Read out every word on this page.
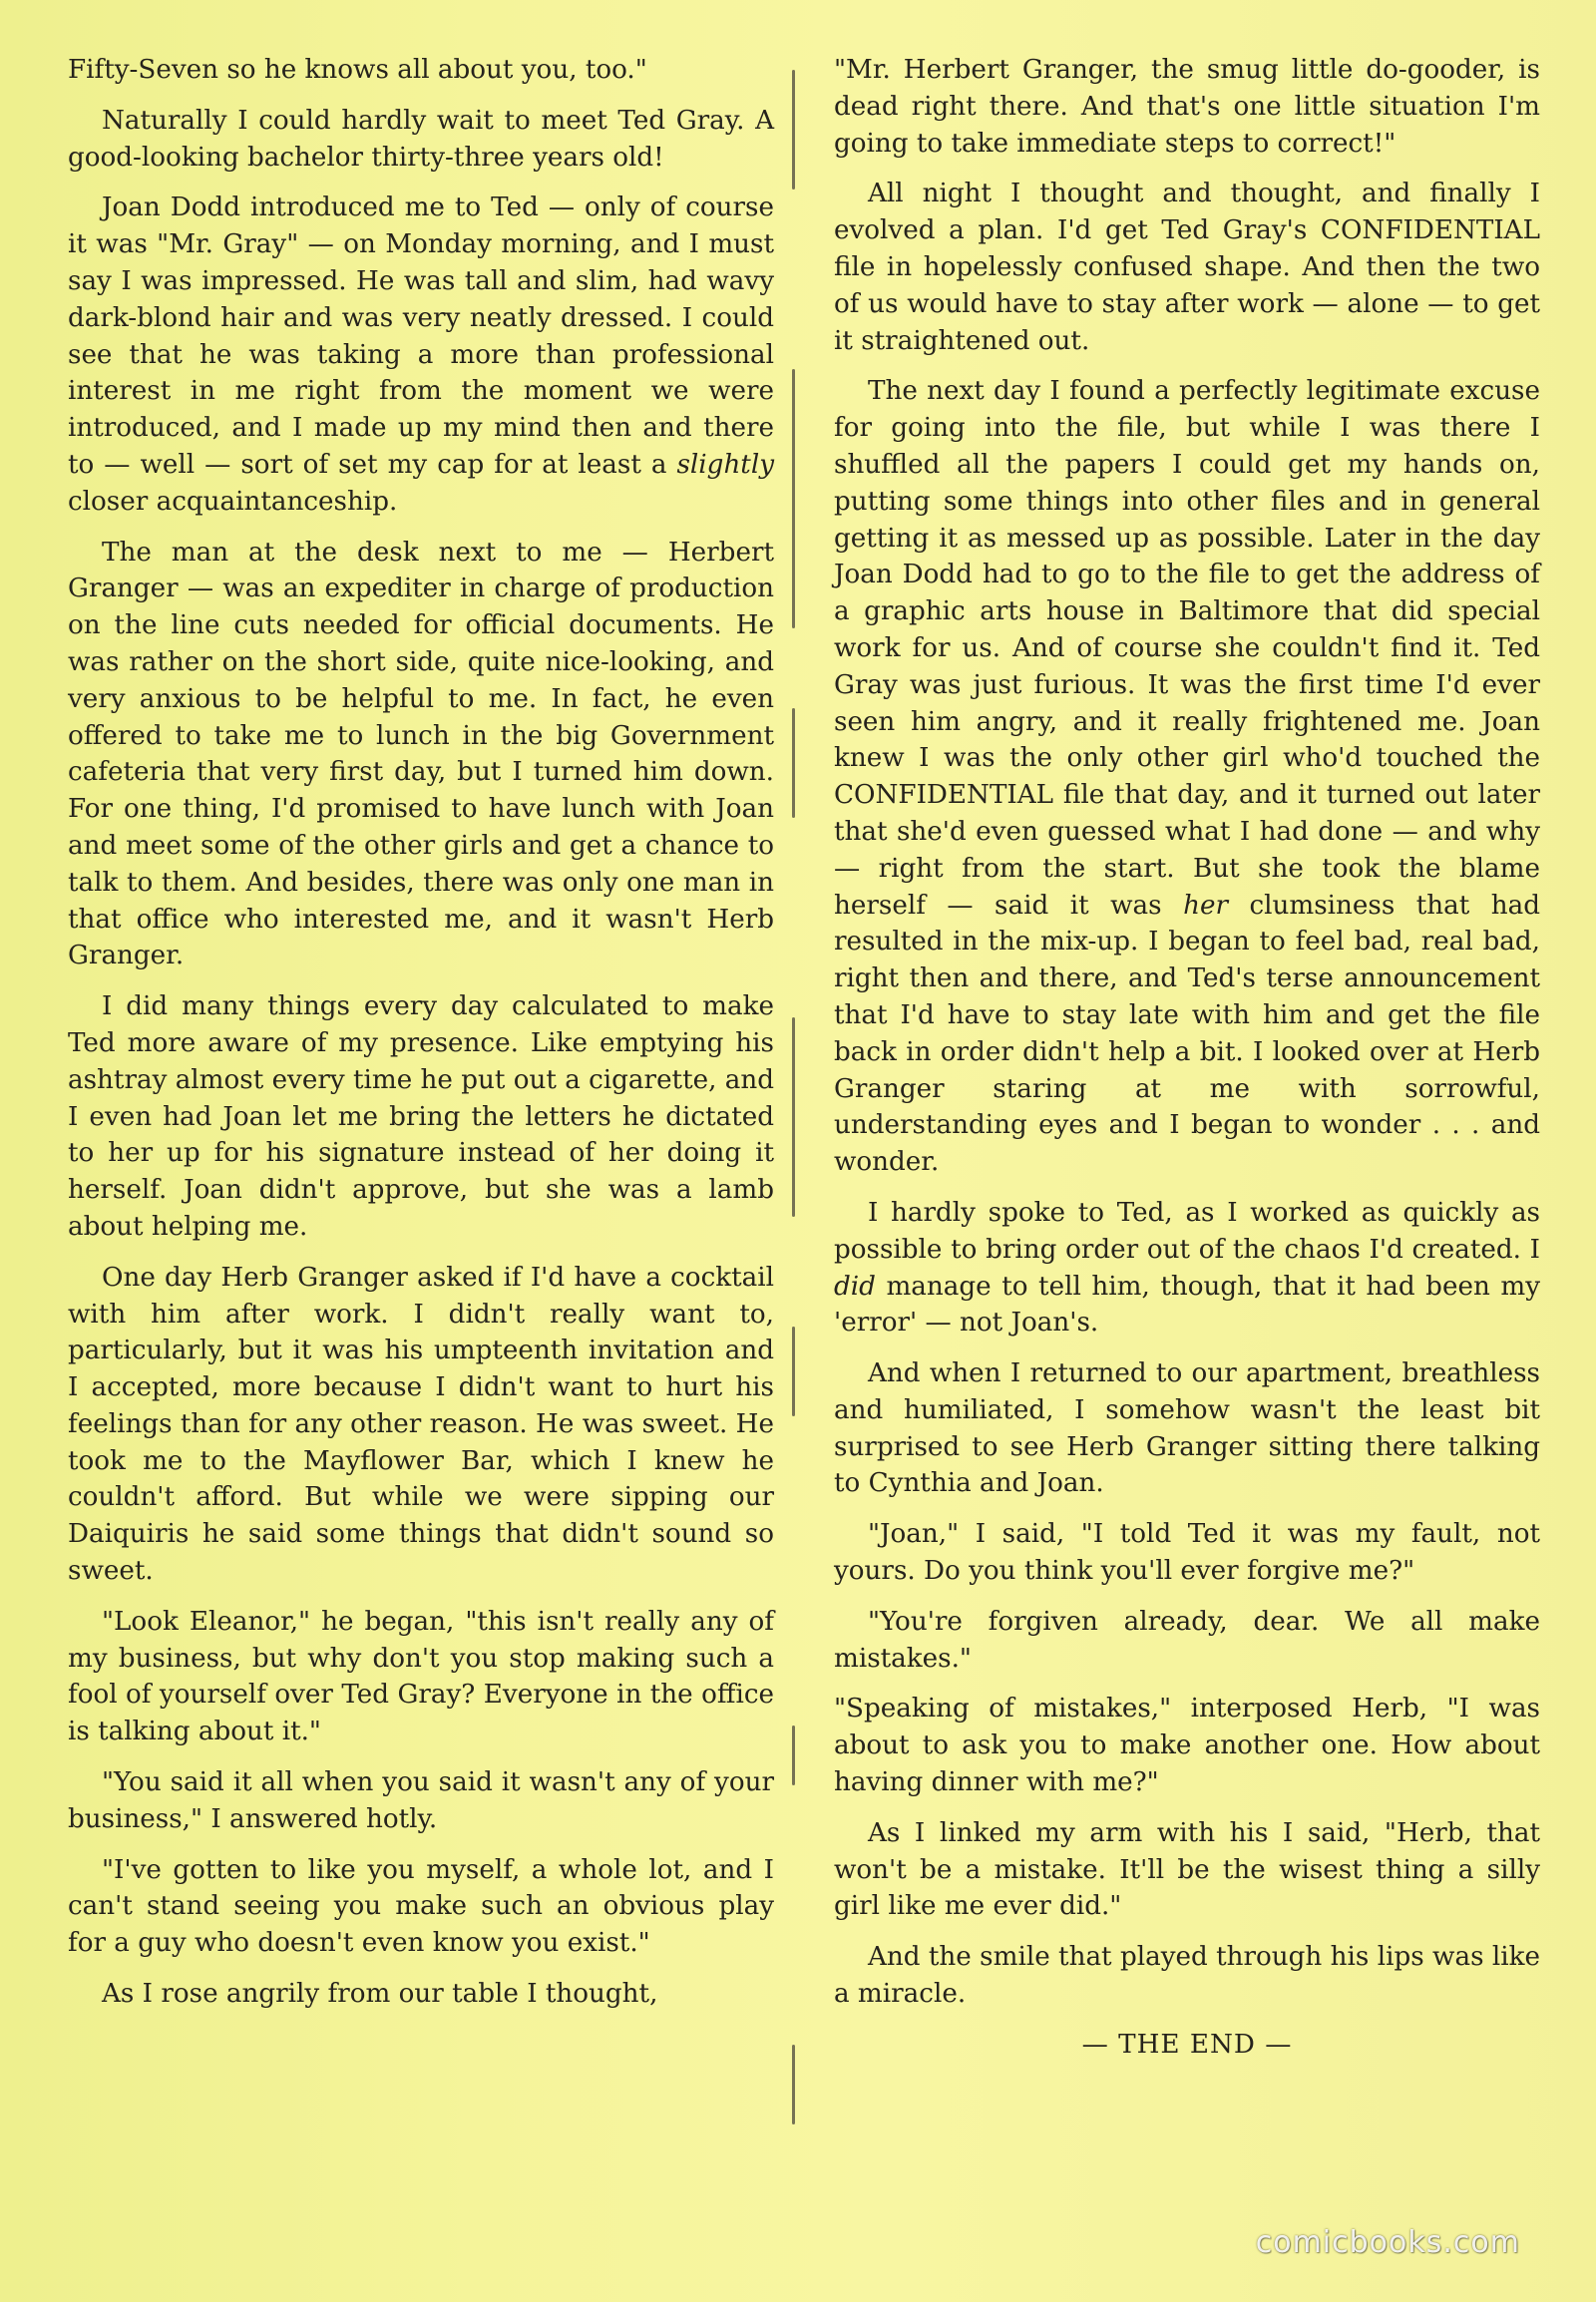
Fifty-Seven so he knows all about you, too."

Naturally I could hardly wait to meet Ted Gray. A good-looking bachelor thirty-three years old!

Joan Dodd introduced me to Ted — only of course it was "Mr. Gray" — on Monday morning, and I must say I was impressed. He was tall and slim, had wavy dark-blond hair and was very neatly dressed. I could see that he was taking a more than professional interest in me right from the moment we were introduced, and I made up my mind then and there to — well — sort of set my cap for at least a slightly closer acquaintanceship.

The man at the desk next to me — Herbert Granger — was an expediter in charge of production on the line cuts needed for official documents. He was rather on the short side, quite nice-looking, and very anxious to be helpful to me. In fact, he even offered to take me to lunch in the big Government cafeteria that very first day, but I turned him down. For one thing, I'd promised to have lunch with Joan and meet some of the other girls and get a chance to talk to them. And besides, there was only one man in that office who interested me, and it wasn't Herb Granger.

I did many things every day calculated to make Ted more aware of my presence. Like emptying his ashtray almost every time he put out a cigarette, and I even had Joan let me bring the letters he dictated to her up for his signature instead of her doing it herself. Joan didn't approve, but she was a lamb about helping me.

One day Herb Granger asked if I'd have a cocktail with him after work. I didn't really want to, particularly, but it was his umpteenth invitation and I accepted, more because I didn't want to hurt his feelings than for any other reason. He was sweet. He took me to the Mayflower Bar, which I knew he couldn't afford. But while we were sipping our Daiquiris he said some things that didn't sound so sweet.

"Look Eleanor," he began, "this isn't really any of my business, but why don't you stop making such a fool of yourself over Ted Gray? Everyone in the office is talking about it."

"You said it all when you said it wasn't any of your business," I answered hotly.

"I've gotten to like you myself, a whole lot, and I can't stand seeing you make such an obvious play for a guy who doesn't even know you exist."

As I rose angrily from our table I thought,

"Mr. Herbert Granger, the smug little do-gooder, is dead right there. And that's one little situation I'm going to take immediate steps to correct!"

All night I thought and thought, and finally I evolved a plan. I'd get Ted Gray's CONFIDENTIAL file in hopelessly confused shape. And then the two of us would have to stay after work — alone — to get it straightened out.

The next day I found a perfectly legitimate excuse for going into the file, but while I was there I shuffled all the papers I could get my hands on, putting some things into other files and in general getting it as messed up as possible. Later in the day Joan Dodd had to go to the file to get the address of a graphic arts house in Baltimore that did special work for us. And of course she couldn't find it. Ted Gray was just furious. It was the first time I'd ever seen him angry, and it really frightened me. Joan knew I was the only other girl who'd touched the CONFIDENTIAL file that day, and it turned out later that she'd even guessed what I had done — and why — right from the start. But she took the blame herself — said it was her clumsiness that had resulted in the mix-up. I began to feel bad, real bad, right then and there, and Ted's terse announcement that I'd have to stay late with him and get the file back in order didn't help a bit. I looked over at Herb Granger staring at me with sorrowful, understanding eyes and I began to wonder . . . and wonder.

I hardly spoke to Ted, as I worked as quickly as possible to bring order out of the chaos I'd created. I did manage to tell him, though, that it had been my 'error' — not Joan's.

And when I returned to our apartment, breathless and humiliated, I somehow wasn't the least bit surprised to see Herb Granger sitting there talking to Cynthia and Joan.

"Joan," I said, "I told Ted it was my fault, not yours. Do you think you'll ever forgive me?"

"You're forgiven already, dear. We all make mistakes."

"Speaking of mistakes," interposed Herb, "I was about to ask you to make another one. How about having dinner with me?"

As I linked my arm with his I said, "Herb, that won't be a mistake. It'll be the wisest thing a silly girl like me ever did."

And the smile that played through his lips was like a miracle.

— THE END —

comicbooks.com
